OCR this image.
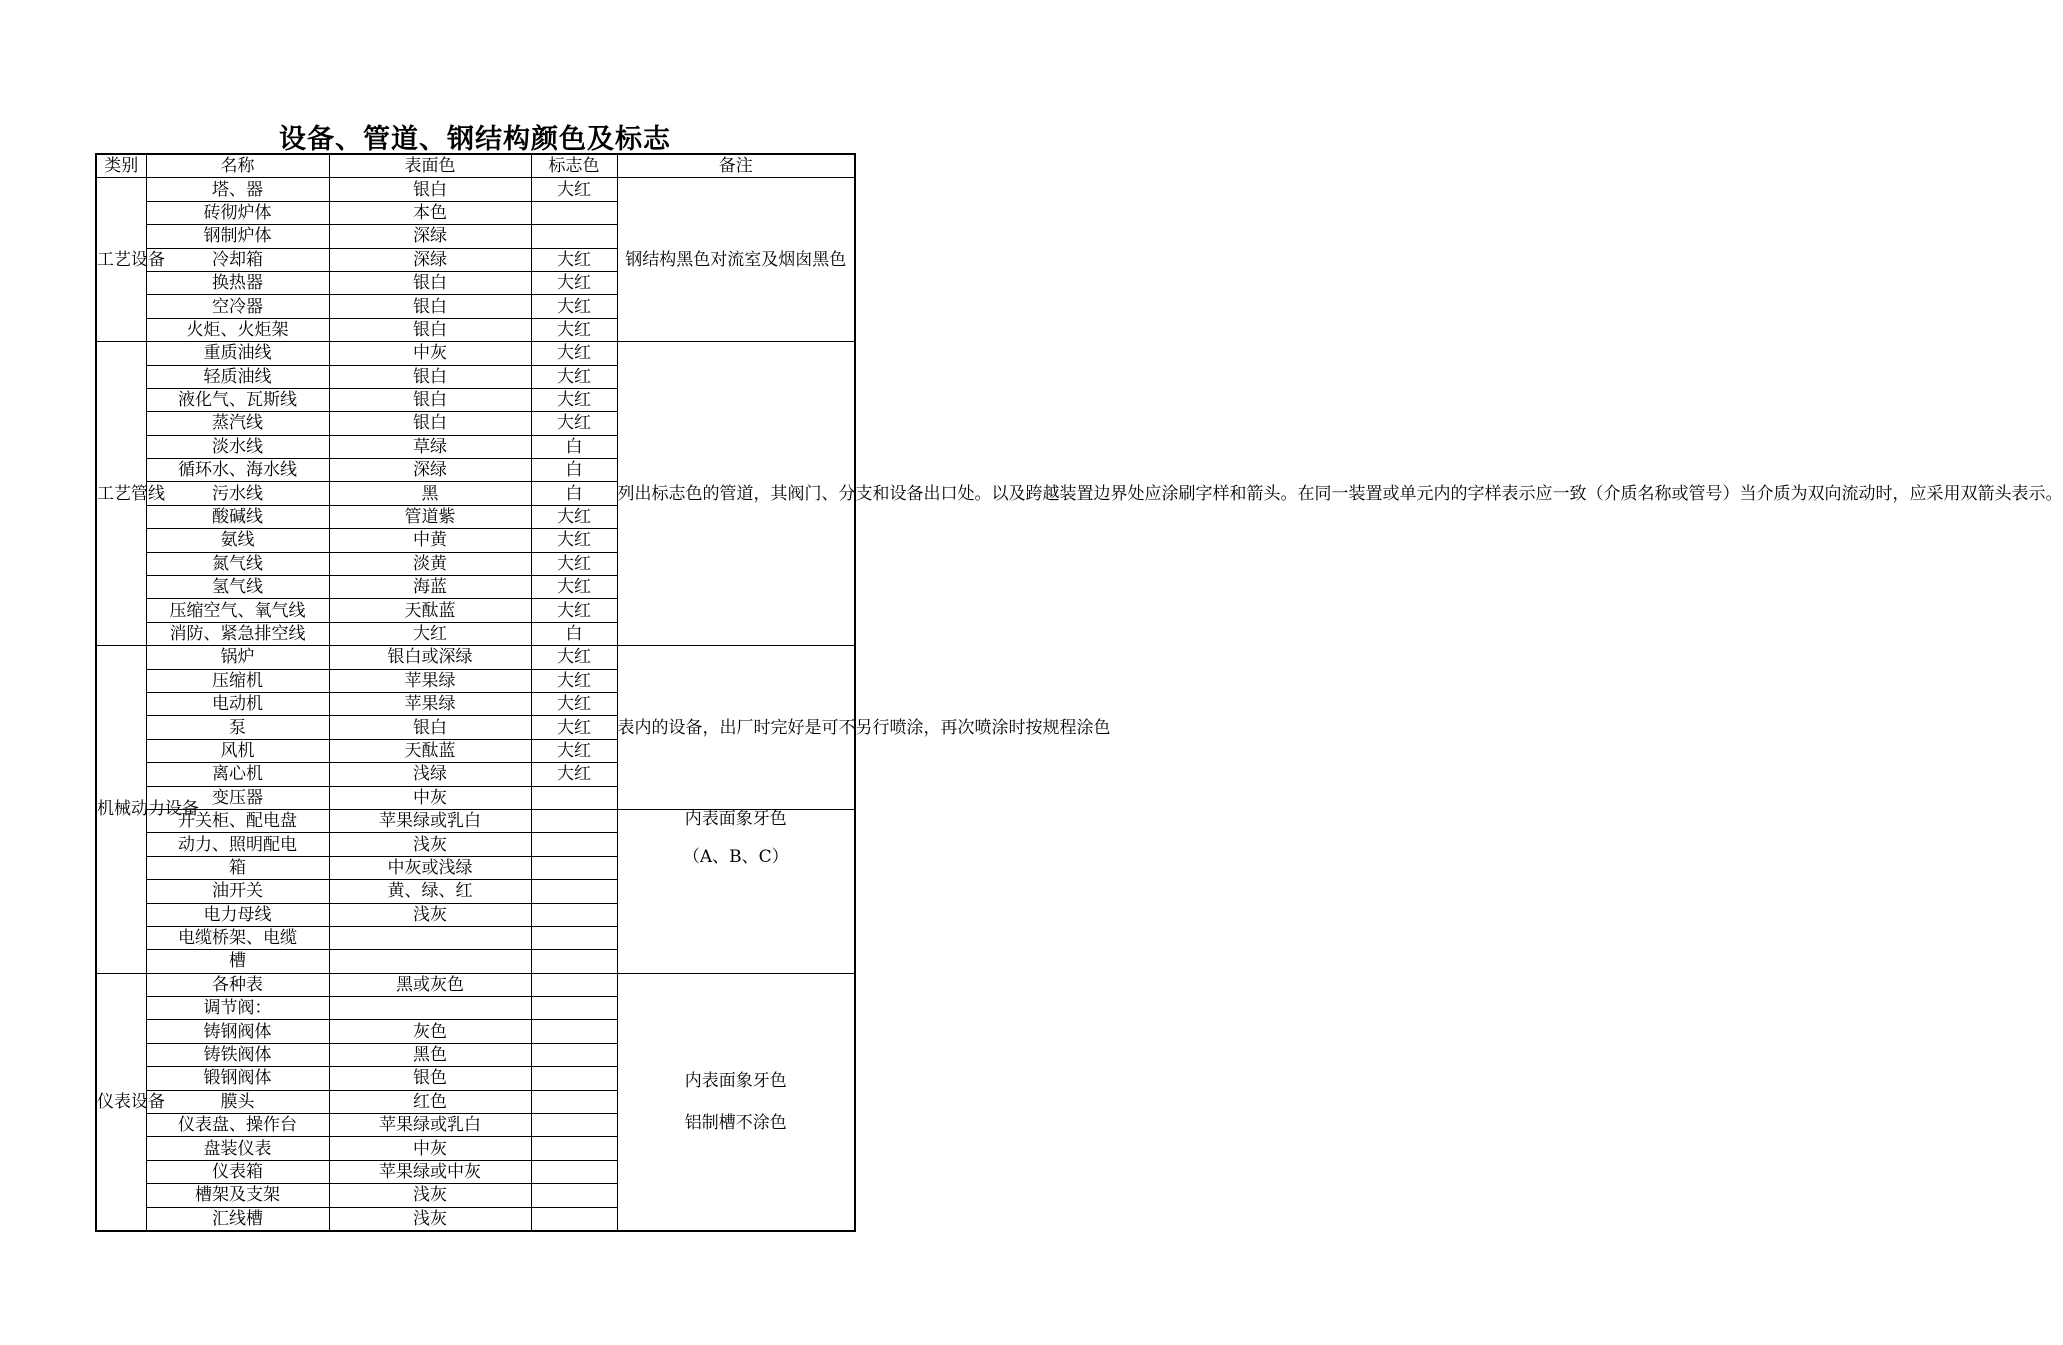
设备、管道、钢结构颜色及标志
类别	名称	表面色	标志色	备注
工艺设备	塔、器	银白	大红	钢结构黑色对流室及烟囱黑色
	砖彻炉体	本色		
	钢制炉体	深绿		
	冷却箱	深绿	大红	
	换热器	银白	大红	
	空冷器	银白	大红	
	火炬、火炬架	银白	大红	
工艺管线	重质油线	中灰	大红	列出标志色的管道，其阀门、分支和设备出口处。以及跨越装置边界处应涂刷字样和箭头。在同一装置或单元内的字样表示应一致（介质名称或管号）当介质为双向流动时，应采用双箭头表示。
	轻质油线	银白	大红	
	液化气、瓦斯线	银白	大红	
	蒸汽线	银白	大红	
	淡水线	草绿	白	
	循环水、海水线	深绿	白	
	污水线	黑	白	
	酸碱线	管道紫	大红	
	氨线	中黄	大红	
	氮气线	淡黄	大红	
	氢气线	海蓝	大红	
	压缩空气、氧气线	天酞蓝	大红	
	消防、紧急排空线	大红	白	
机械动力设备	锅炉	银白或深绿	大红	表内的设备，出厂时完好是可不另行喷涂，再次喷涂时按规程涂色
	压缩机	苹果绿	大红	
	电动机	苹果绿	大红	
	泵	银白	大红	
	风机	天酞蓝	大红	
	离心机	浅绿	大红	
	变压器	中灰		
	开关柜、配电盘	苹果绿或乳白		内表面象牙色
（A、B、C）

	动力、照明配电	浅灰		
	箱	中灰或浅绿		
	油开关	黄、绿、红		
	电力母线	浅灰		
	电缆桥架、电缆			
	槽			
仪表设备	各种表	黑或灰色		内表面象牙色
铝制槽不涂色

	调节阀：			
	铸钢阀体	灰色		
	铸铁阀体	黑色		
	锻钢阀体	银色		
	膜头	红色		
	仪表盘、操作台	苹果绿或乳白		
	盘装仪表	中灰		
	仪表箱	苹果绿或中灰		
	槽架及支架	浅灰		
	汇线槽	浅灰		
